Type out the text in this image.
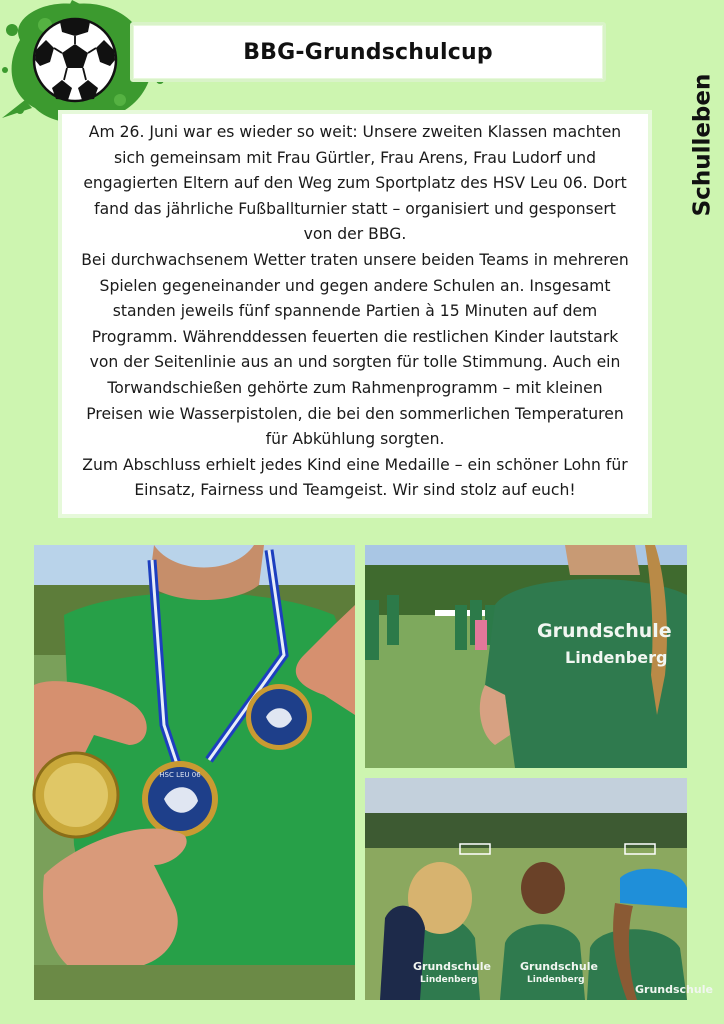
BBG-Grundschulcup
Schulleben

Am 26. Juni war es wieder so weit: Unsere zweiten Klassen machten sich gemeinsam mit Frau Gürtler, Frau Arens, Frau Ludorf und engagierten Eltern auf den Weg zum Sportplatz des HSV Leu 06. Dort fand das jährliche Fußballturnier statt – organisiert und gesponsert von der BBG.

Bei durchwachsenem Wetter traten unsere beiden Teams in mehreren Spielen gegeneinander und gegen andere Schulen an. Insgesamt standen jeweils fünf spannende Partien à 15 Minuten auf dem Programm. Währenddessen feuerten die restlichen Kinder lautstark von der Seitenlinie aus an und sorgten für tolle Stimmung. Auch ein Torwandschießen gehörte zum Rahmenprogramm – mit kleinen Preisen wie Wasserpistolen, die bei den sommerlichen Temperaturen für Abkühlung sorgten.

Zum Abschluss erhielt jedes Kind eine Medaille – ein schöner Lohn für Einsatz, Fairness und Teamgeist. Wir sind stolz auf euch!

HSC LEU 06
Grundschule
Lindenberg
Grundschule
Lindenberg
Grundschule
Lindenberg
Grundschule
